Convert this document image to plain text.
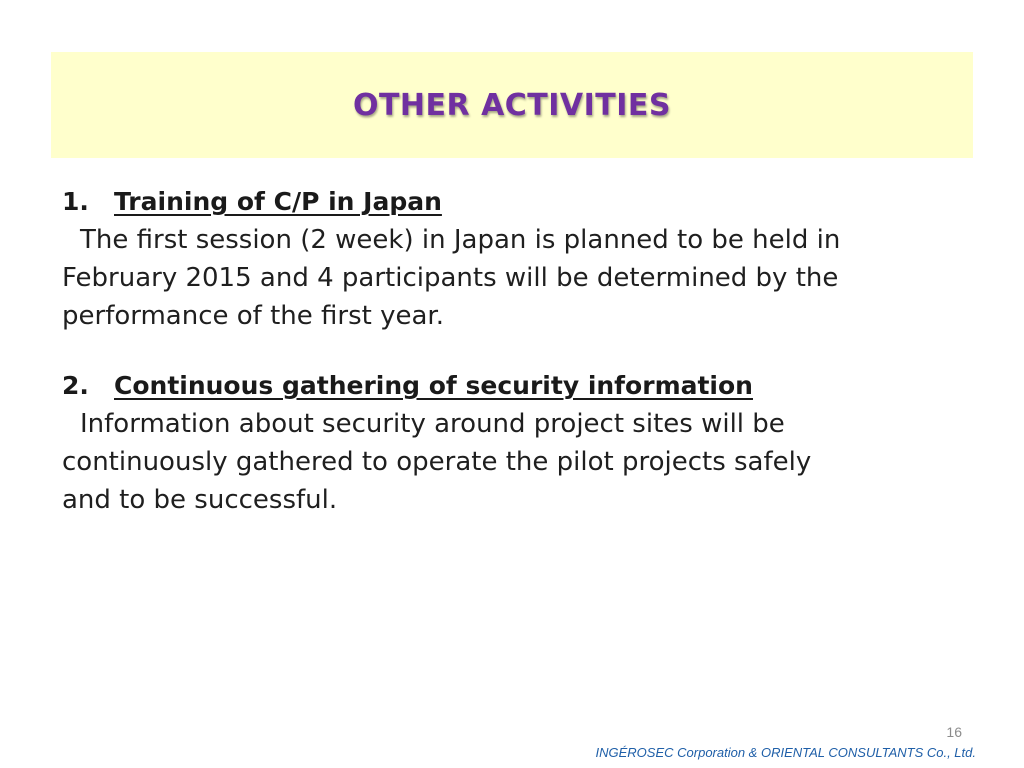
OTHER ACTIVITIES
1. Training of C/P in Japan

The first session (2 week) in Japan is planned to be held in February 2015 and 4 participants will be determined by the performance of the first year.

2. Continuous gathering of security information

Information about security around project sites will be continuously gathered to operate the pilot projects safely and to be successful.

16
INGÉROSEC Corporation & ORIENTAL CONSULTANTS Co., Ltd.
